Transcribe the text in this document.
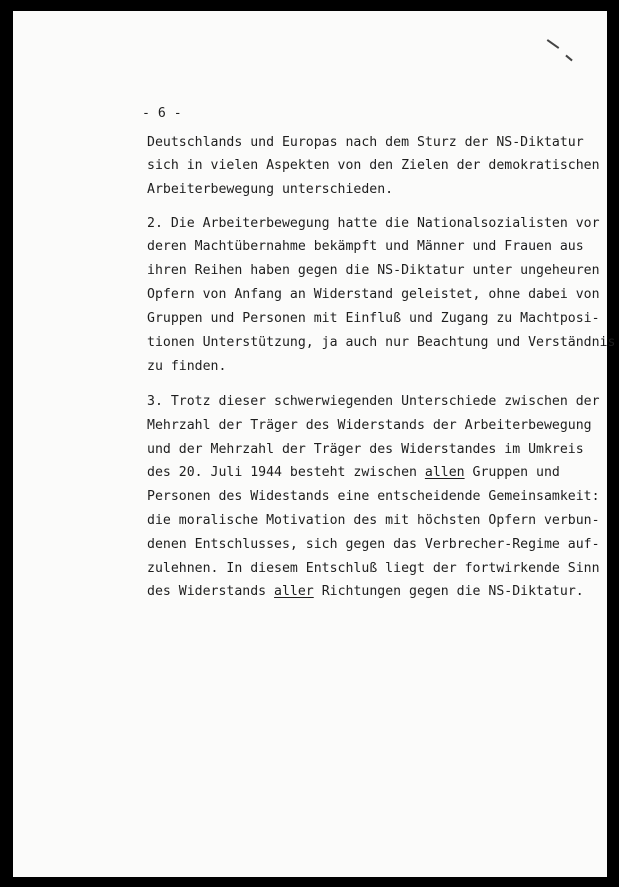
- 6 -
Deutschlands und Europas nach dem Sturz der NS-Diktatur
sich in vielen Aspekten von den Zielen der demokratischen
Arbeiterbewegung unterschieden.
2. Die Arbeiterbewegung hatte die Nationalsozialisten vor
deren Machtübernahme bekämpft und Männer und Frauen aus
ihren Reihen haben gegen die NS-Diktatur unter ungeheuren
Opfern von Anfang an Widerstand geleistet, ohne dabei von
Gruppen und Personen mit Einfluß und Zugang zu Machtposi-
tionen Unterstützung, ja auch nur Beachtung und Verständnis
zu finden.
3. Trotz dieser schwerwiegenden Unterschiede zwischen der
Mehrzahl der Träger des Widerstands der Arbeiterbewegung
und der Mehrzahl der Träger des Widerstandes im Umkreis
des 20. Juli 1944 besteht zwischen allen Gruppen und
Personen des Widestands eine entscheidende Gemeinsamkeit:
die moralische Motivation des mit höchsten Opfern verbun-
denen Entschlusses, sich gegen das Verbrecher-Regime auf-
zulehnen. In diesem Entschluß liegt der fortwirkende Sinn
des Widerstands aller Richtungen gegen die NS-Diktatur.
